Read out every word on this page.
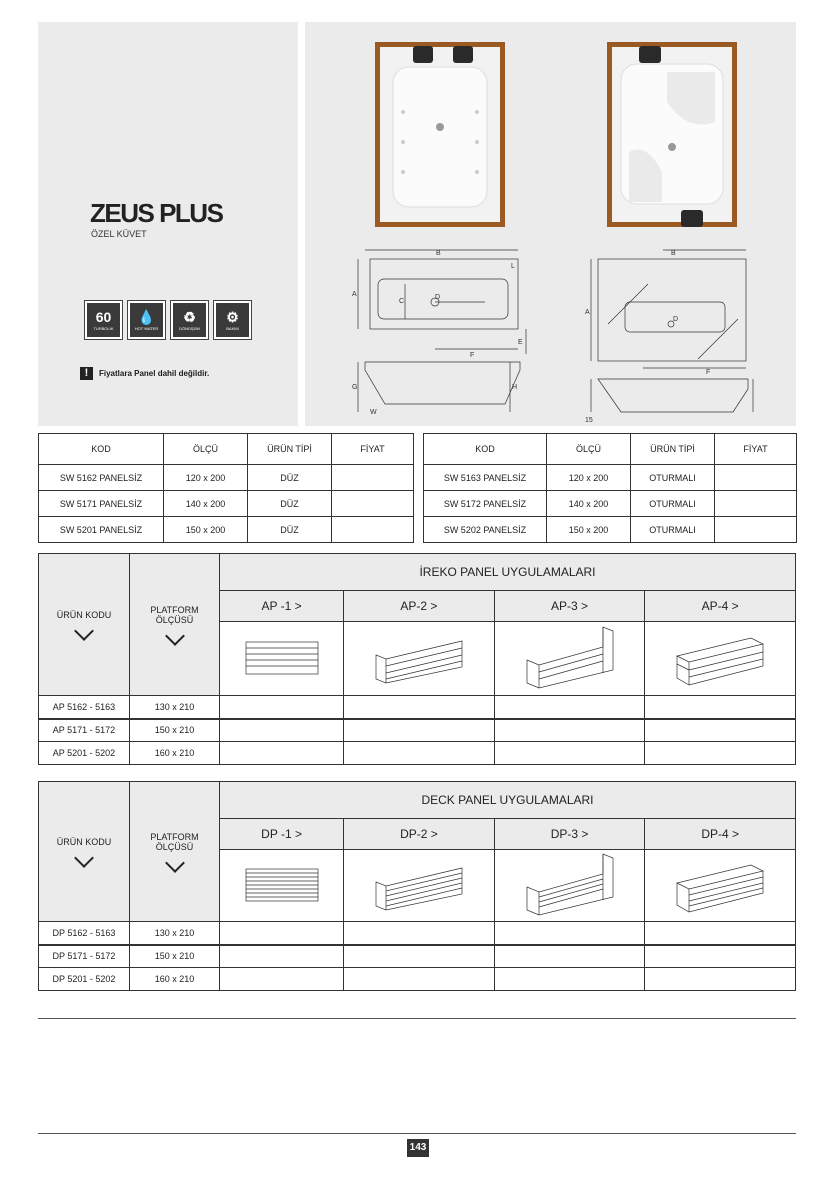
B
A	D
C
F
E
L
G	H
W
B
A
D
F
15
ZEUS PLUS
ÖZEL KÜVET
60
TURBOLİK
💧
HOT WATER
♻
DÖNÜŞÜM
⚙
BAKIM
!	Fiyatlara Panel dahil değildir.
KOD	ÖLÇÜ	ÜRÜN TİPİ	FİYAT
SW 5162 PANELSİZ	120 x 200	DÜZ	
SW 5171 PANELSİZ	140 x 200	DÜZ	
SW 5201 PANELSİZ	150 x 200	DÜZ	
KOD	ÖLÇÜ	ÜRÜN TİPİ	FİYAT
SW 5163 PANELSİZ	120 x 200	OTURMALI	
SW 5172 PANELSİZ	140 x 200	OTURMALI	
SW 5202 PANELSİZ	150 x 200	OTURMALI	
ÜRÜN KODU	PLATFORM ÖLÇÜSÜ	İREKO PANEL UYGULAMALARI			
		AP -1 >	AP-2 >	AP-3 >	AP-4 >

AP 5162 - 5163	130 x 210				
AP 5171 - 5172	150 x 210				
AP 5201 - 5202	160 x 210				
ÜRÜN KODU	PLATFORM ÖLÇÜSÜ	DECK PANEL UYGULAMALARI			
		DP -1 >	DP-2 >	DP-3 >	DP-4 >

DP 5162 - 5163	130 x 210				
DP 5171 - 5172	150 x 210				
DP 5201 - 5202	160 x 210				
143
